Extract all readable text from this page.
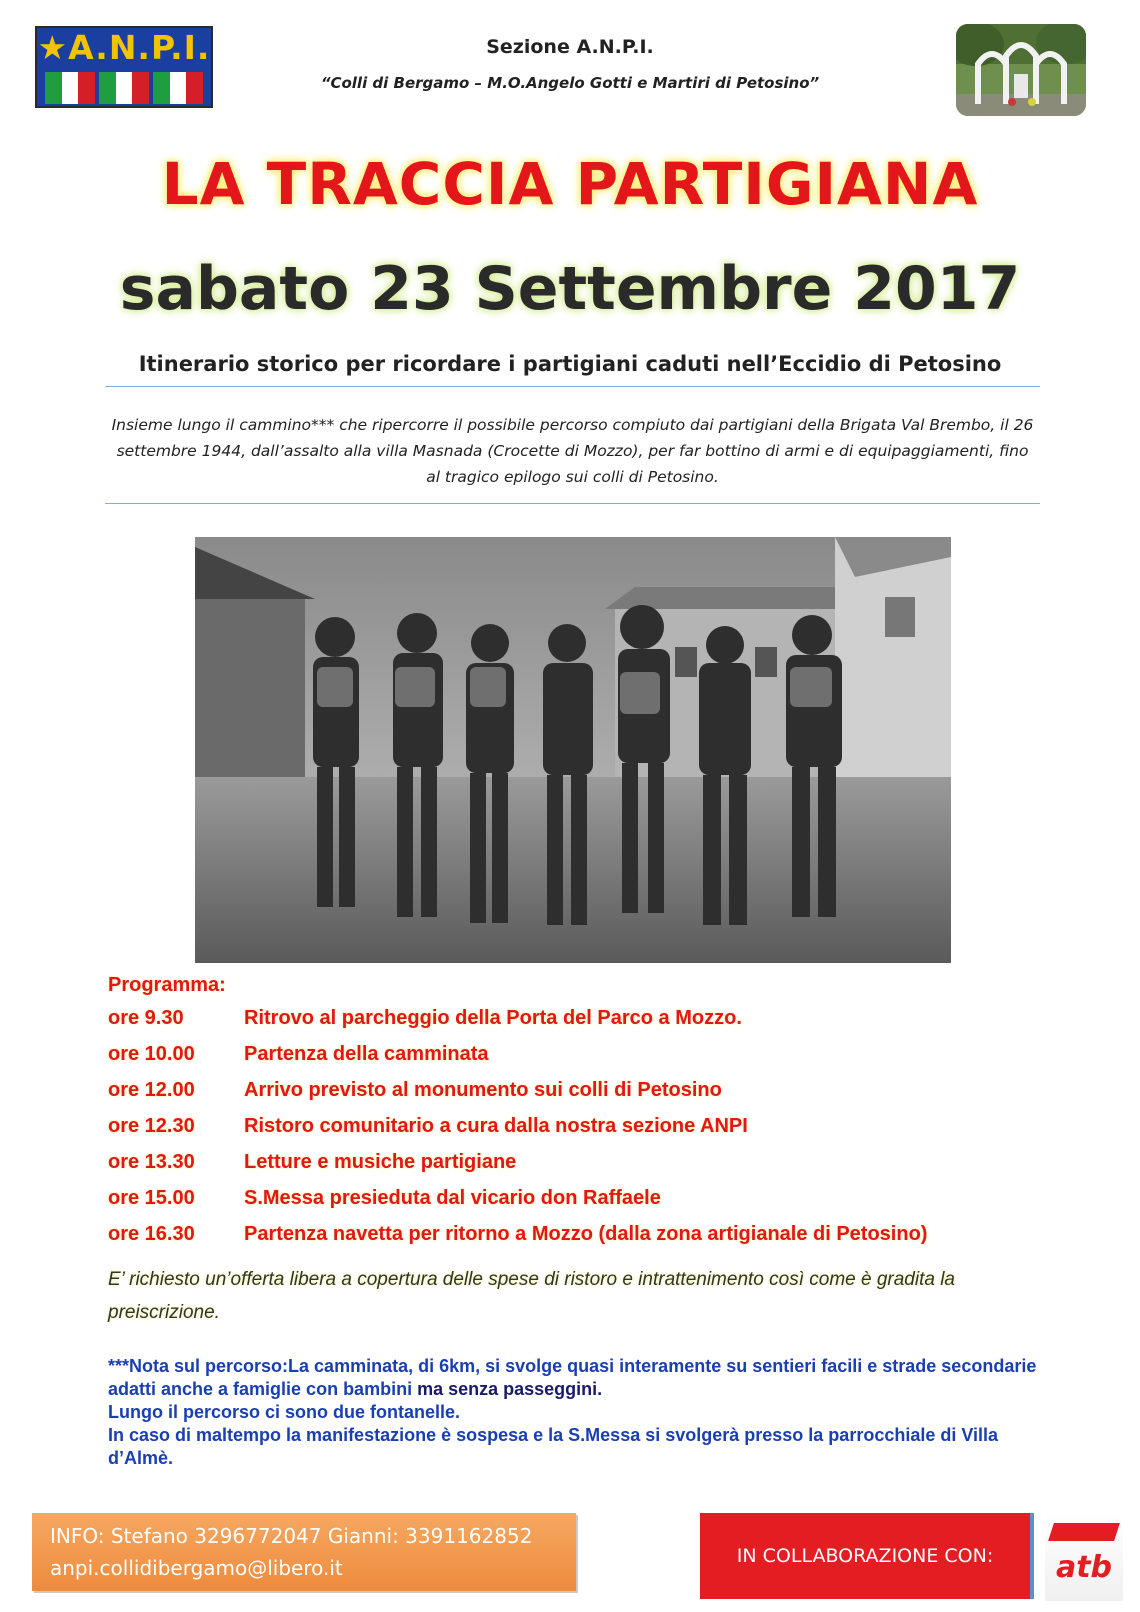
★A.N.P.I.	Sezione A.N.P.I.
“Colli di Bergamo – M.O.Angelo Gotti e Martiri di Petosino”
LA TRACCIA PARTIGIANA
sabato 23 Settembre 2017
Itinerario storico per ricordare i partigiani caduti nell’Eccidio di Petosino
Insieme lungo il cammino*** che ripercorre il possibile percorso compiuto dai partigiani della Brigata Val Brembo, il 26 settembre 1944, dall’assalto alla villa Masnada (Crocette di Mozzo), per far bottino di armi e di equipaggiamenti, fino al tragico epilogo sui colli di Petosino.
Programma:
ore 9.30	Ritrovo al parcheggio della Porta del Parco a Mozzo.
ore 10.00	Partenza della camminata
ore 12.00	Arrivo previsto al monumento sui colli di Petosino
ore 12.30	Ristoro comunitario a cura dalla nostra sezione ANPI
ore 13.30	Letture e musiche partigiane
ore 15.00	S.Messa presieduta dal vicario don Raffaele
ore 16.30	Partenza navetta per ritorno a Mozzo (dalla zona artigianale di Petosino)
E’ richiesto un’offerta libera a copertura delle spese di ristoro e intrattenimento così come è gradita la preiscrizione.
***Nota sul percorso:La camminata, di 6km, si svolge quasi interamente su sentieri facili e strade secondarie adatti anche a famiglie con bambini ma senza passeggini.
Lungo il percorso ci sono due fontanelle.
In caso di maltempo la manifestazione è sospesa e la S.Messa si svolgerà presso la parrocchiale di Villa d’Almè.
INFO: Stefano 3296772047 Gianni: 3391162852
anpi.collidibergamo@libero.it	IN COLLABORAZIONE CON:	atb
